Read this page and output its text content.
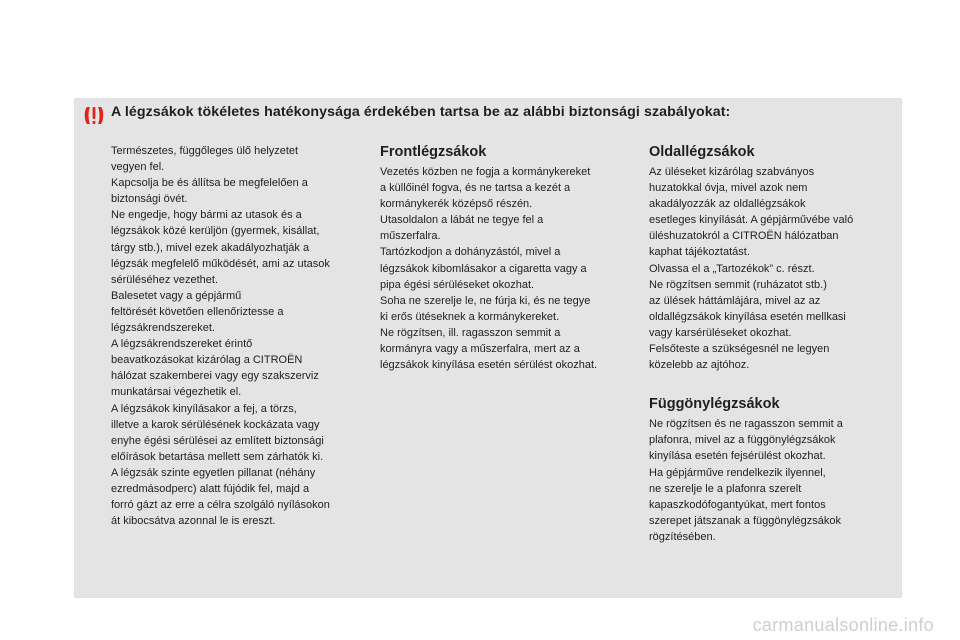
A légzsákok tökéletes hatékonysága érdekében tartsa be az alábbi biztonsági szabályokat:
Természetes, függőleges ülő helyzetet
vegyen fel.
Kapcsolja be és állítsa be megfelelően a
biztonsági övét.
Ne engedje, hogy bármi az utasok és a
légzsákok közé kerüljön (gyermek, kisállat,
tárgy stb.), mivel ezek akadályozhatják a
légzsák megfelelő működését, ami az utasok
sérüléséhez vezethet.
Balesetet vagy a gépjármű
feltörését követően ellenőriztesse a
légzsákrendszereket.
A légzsákrendszereket érintő
beavatkozásokat kizárólag a CITROËN
hálózat szakemberei vagy egy szakszerviz
munkatársai végezhetik el.
A légzsákok kinyílásakor a fej, a törzs,
illetve a karok sérülésének kockázata vagy
enyhe égési sérülései az említett biztonsági
előírások betartása mellett sem zárhatók ki.
A légzsák szinte egyetlen pillanat (néhány
ezredmásodperc) alatt fújódik fel, majd a
forró gázt az erre a célra szolgáló nyílásokon
át kibocsátva azonnal le is ereszt.
Frontlégzsákok
Vezetés közben ne fogja a kormánykereket
a küllőinél fogva, és ne tartsa a kezét a
kormánykerék középső részén.
Utasoldalon a lábát ne tegye fel a
műszerfalra.
Tartózkodjon a dohányzástól, mivel a
légzsákok kibomlásakor a cigaretta vagy a
pipa égési sérüléseket okozhat.
Soha ne szerelje le, ne fúrja ki, és ne tegye
ki erős ütéseknek a kormánykereket.
Ne rögzítsen, ill. ragasszon semmit a
kormányra vagy a műszerfalra, mert az a
légzsákok kinyílása esetén sérülést okozhat.
Oldallégzsákok
Az üléseket kizárólag szabványos
huzatokkal óvja, mivel azok nem
akadályozzák az oldallégzsákok
esetleges kinyílását. A gépjárművébe való
üléshuzatokról a CITROËN hálózatban
kaphat tájékoztatást.
Olvassa el a „Tartozékok” c. részt.
Ne rögzítsen semmit (ruházatot stb.)
az ülések háttámlájára, mivel az az
oldallégzsákok kinyílása esetén mellkasi
vagy karsérüléseket okozhat.
Felsőteste a szükségesnél ne legyen
közelebb az ajtóhoz.
Függönylégzsákok
Ne rögzítsen és ne ragasszon semmit a
plafonra, mivel az a függönylégzsákok
kinyílása esetén fejsérülést okozhat.
Ha gépjárműve rendelkezik ilyennel,
ne szerelje le a plafonra szerelt
kapaszkodófogantyúkat, mert fontos
szerepet játszanak a függönylégzsákok
rögzítésében.
carmanualsonline.info
